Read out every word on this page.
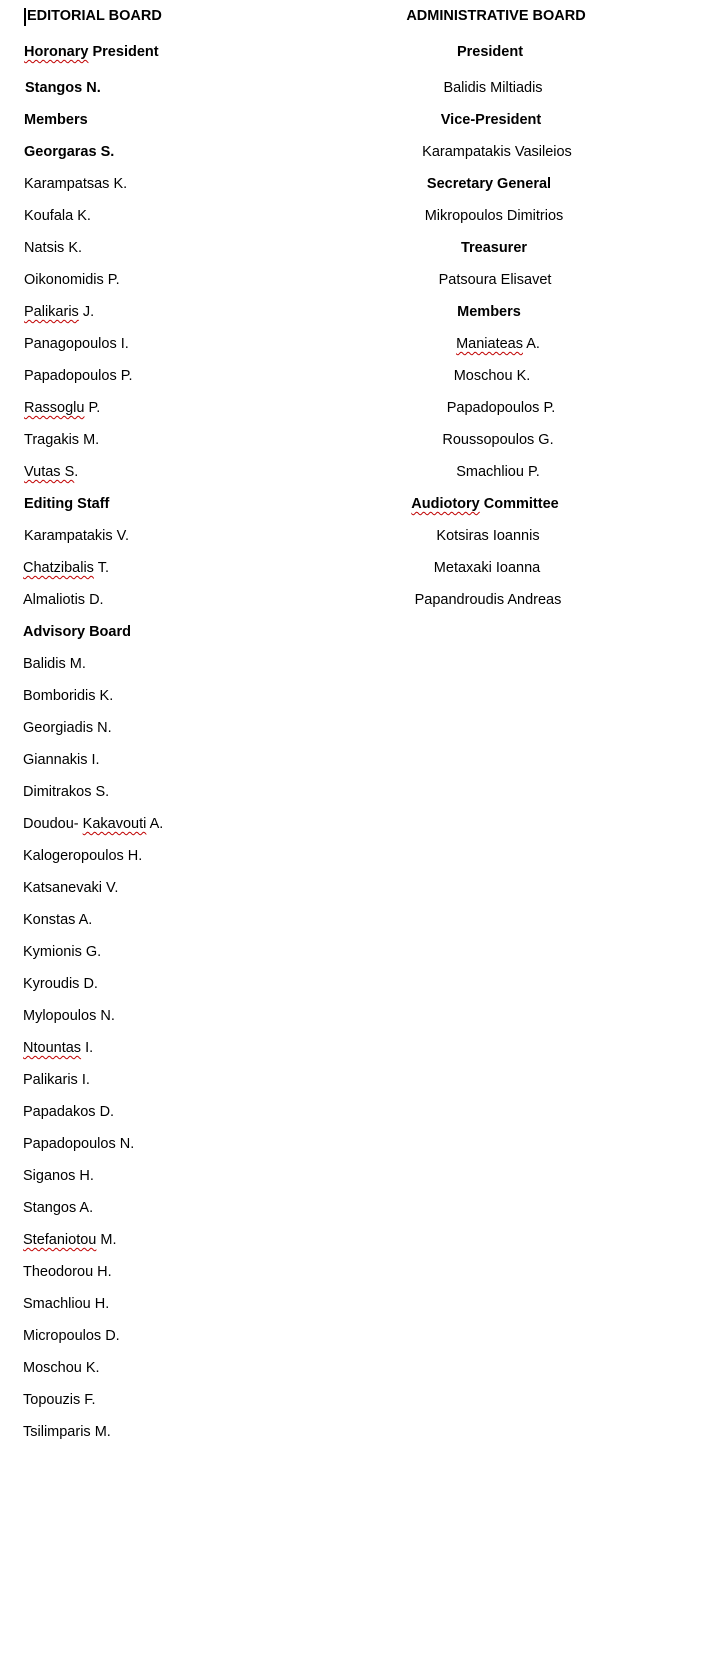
EDITORIAL BOARD
Horonary President
Stangos N.
Members
Georgaras S.
Karampatsas K.
Koufala K.
Natsis K.
Oikonomidis P.
Palikaris J.
Panagopoulos I.
Papadopoulos P.
Rassoglu P.
Tragakis M.
Vutas S.
Editing Staff
Karampatakis V.
Chatzibalis T.
Almaliotis D.
Advisory Board
Balidis M.
Bomboridis K.
Georgiadis N.
Giannakis I.
Dimitrakos S.
Doudou- Kakavouti A.
Kalogeropoulos H.
Katsanevaki V.
Konstas A.
Kymionis G.
Kyroudis D.
Mylopoulos N.
Ntountas I.
Palikaris I.
Papadakos D.
Papadopoulos N.
Siganos H.
Stangos A.
Stefaniotou M.
Theodorou H.
Smachliou H.
Micropoulos D.
Moschou K.
Topouzis F.
Tsilimparis M.
ADMINISTRATIVE BOARD
President
Balidis Miltiadis
Vice-President
Karampatakis Vasileios
Secretary General
Mikropoulos Dimitrios
Treasurer
Patsoura Elisavet
Members
Maniateas A.
Moschou K.
Papadopoulos P.
Roussopoulos G.
Smachliou P.
Audiotory Committee
Kotsiras Ioannis
Metaxaki Ioanna
Papandroudis Andreas
